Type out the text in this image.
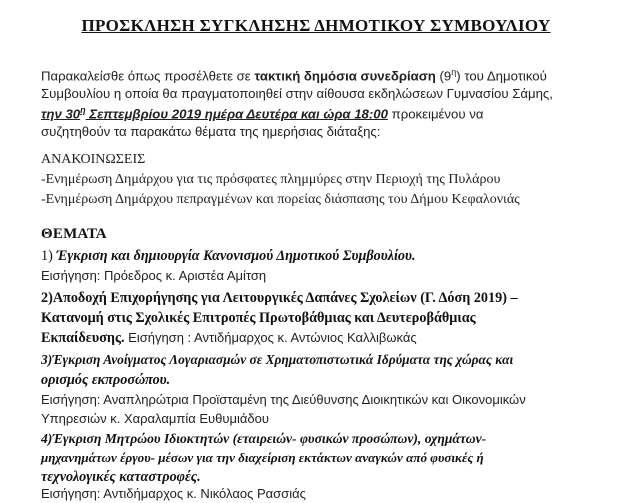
ΠΡΟΣΚΛΗΣΗ ΣΥΓΚΛΗΣΗΣ ΔΗΜΟΤΙΚΟΥ ΣΥΜΒΟΥΛΙΟΥ
Παρακαλείσθε όπως προσέλθετε σε τακτική δημόσια συνεδρίαση $(9^\eta)$ του Δημοτικού
Συμβουλίου η οποία θα πραγματοποιηθεί στην αίθουσα εκδηλώσεων Γυμνασίου Σάμης,
την $30^\eta$ Σεπτεμβρίου 2019 ημέρα Δευτέρα και ώρα 18:00 προκειμένου να
συζητηθούν τα παρακάτω θέματα της ημερήσιας διάταξης:
ΑΝΑΚΟΙΝΩΣΕΙΣ
-Ενημέρωση Δημάρχου για τις πρόσφατες πλημμύρες στην Περιοχή της Πυλάρου
-Ενημέρωση Δημάρχου πεπραγμένων και πορείας διάσπασης του Δήμου Κεφαλονιάς
ΘΕΜΑΤΑ
1) Έγκριση και δημιουργία Κανονισμού Δημοτικού Συμβουλίου.
Εισήγηση: Πρόεδρος κ. Αριστέα Αμίτση
2)Αποδοχή Επιχορήγησης για Λειτουργικές Δαπάνες Σχολείων (Γ. Δόση 2019) –
Κατανομή στις Σχολικές Επιτροπές Πρωτοβάθμιας και Δευτεροβάθμιας
Εκπαίδευσης. Εισήγηση : Αντιδήμαρχος κ. Αντώνιος Καλλιβωκάς
3)Έγκριση Ανοίγματος Λογαριασμών σε Χρηματοπιστωτικά Ιδρύματα της χώρας και
ορισμός εκπροσώπου.
Εισήγηση: Αναπληρώτρια Προϊσταμένη της Διεύθυνσης Διοικητικών και Οικονομικών
Υπηρεσιών κ. Χαραλαμπία Ευθυμιάδου
4)Έγκριση Μητρώου Ιδιοκτητών (εταιρειών- φυσικών προσώπων), οχημάτων-
μηχανημάτων έργου- μέσων για την διαχείριση εκτάκτων αναγκών από φυσικές ή
τεχνολογικές καταστροφές.
Εισήγηση: Αντιδήμαρχος κ. Νικόλαος Ρασσιάς
